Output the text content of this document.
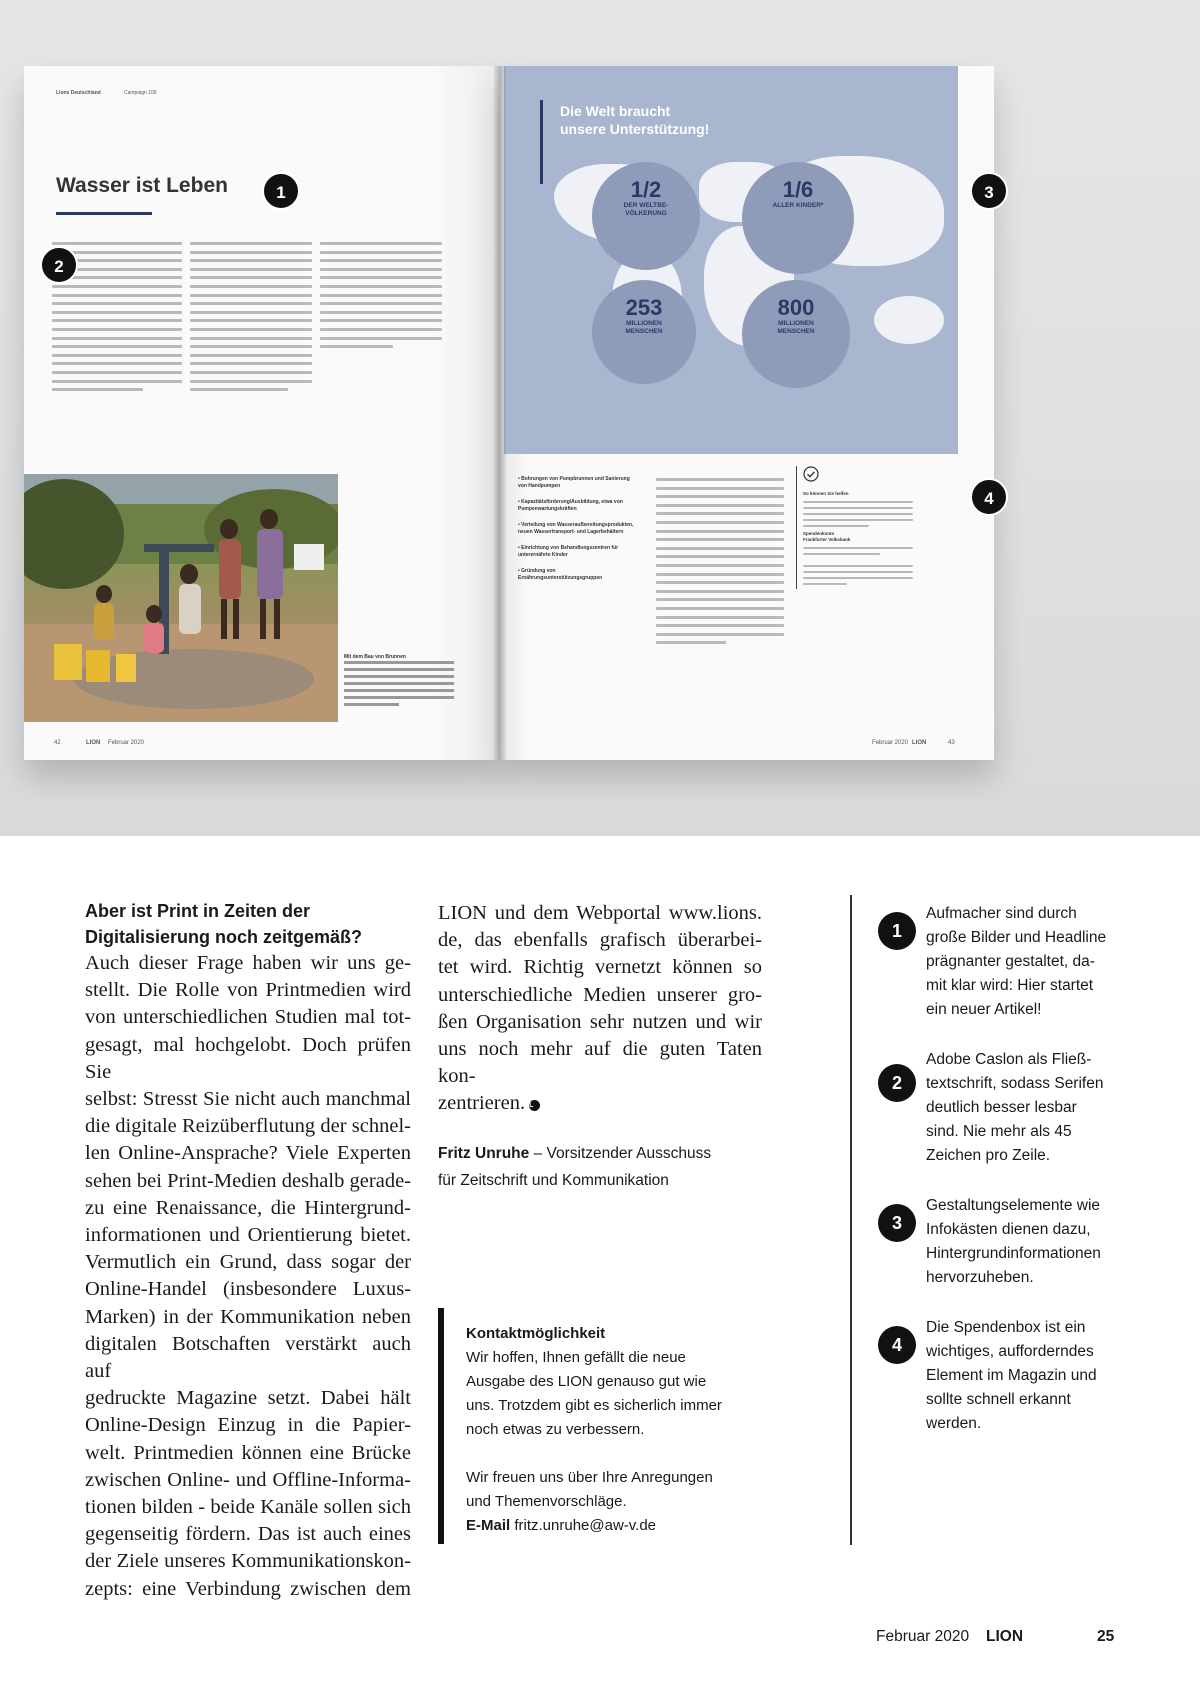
Lions Deutschland	Campaign 100
Wasser ist Leben
Mit dem Bau von Brunnen
42	LION Februar 2020
Die Welt braucht
unsere Unterstützung!
1/2
DER WELTBE-
VÖLKERUNG
1/6
ALLER KINDER*
253
MILLIONEN
MENSCHEN
800
MILLIONEN
MENSCHEN
• Bohrungen von Pumpbrunnen und Sanierung von Handpumpen
• Kapazitätsförderung/Ausbildung, etwa von Pumpenwartungskräften
• Verteilung von Wasseraufbereitungsprodukten, neuen Wassertransport- und Lagerbehältern
• Einrichtung von Behandlungszentren für unterernährte Kinder
• Gründung von Ernährungsunterstützungsgruppen
So können Sie helfen
Spendenkonto
Frankfurter Volksbank
Februar 2020 LION	43
1
2
3
4

Aber ist Print in Zeiten der
Digitalisierung noch zeitgemäß?

Auch dieser Frage haben wir uns ge-
stellt. Die Rolle von Printmedien wird
von unterschiedlichen Studien mal tot-
gesagt, mal hochgelobt. Doch prüfen Sie
selbst: Stresst Sie nicht auch manchmal
die digitale Reizüberflutung der schnel-
len Online-Ansprache? Viele Experten
sehen bei Print-Medien deshalb gerade-
zu eine Renaissance, die Hintergrund-
informationen und Orientierung bietet.
Vermutlich ein Grund, dass sogar der
Online-Handel (insbesondere Luxus-
Marken) in der Kommunikation neben
digitalen Botschaften verstärkt auch auf
gedruckte Magazine setzt. Dabei hält
Online-Design Einzug in die Papier-
welt. Printmedien können eine Brücke
zwischen Online- und Offline-Informa-
tionen bilden - beide Kanäle sollen sich
gegenseitig fördern. Das ist auch eines
der Ziele unseres Kommunikationskon-
zepts: eine Verbindung zwischen dem
LION und dem Webportal www.lions.
de, das ebenfalls grafisch überarbei-
tet wird. Richtig vernetzt können so
unterschiedliche Medien unserer gro-
ßen Organisation sehr nutzen und wir
uns noch mehr auf die guten Taten kon-
zentrieren. L
Fritz Unruhe – Vorsitzender Ausschuss
für Zeitschrift und Kommunikation

Kontaktmöglichkeit

Wir hoffen, Ihnen gefällt die neue

Ausgabe des LION genauso gut wie

uns. Trotzdem gibt es sicherlich immer

noch etwas zu verbessern.

Wir freuen uns über Ihre Anregungen

und Themenvorschläge.

E-Mail fritz.unruhe@aw-v.de

1
Aufmacher sind durch
große Bilder und Headline
prägnanter gestaltet, da-
mit klar wird: Hier startet
ein neuer Artikel!
2
Adobe Caslon als Fließ-
textschrift, sodass Serifen
deutlich besser lesbar
sind. Nie mehr als 45
Zeichen pro Zeile.
3
Gestaltungselemente wie
Infokästen dienen dazu,
Hintergrundinformationen
hervorzuheben.
4
Die Spendenbox ist ein
wichtiges, aufforderndes
Element im Magazin und
sollte schnell erkannt
werden.
Februar 2020 LION	25
